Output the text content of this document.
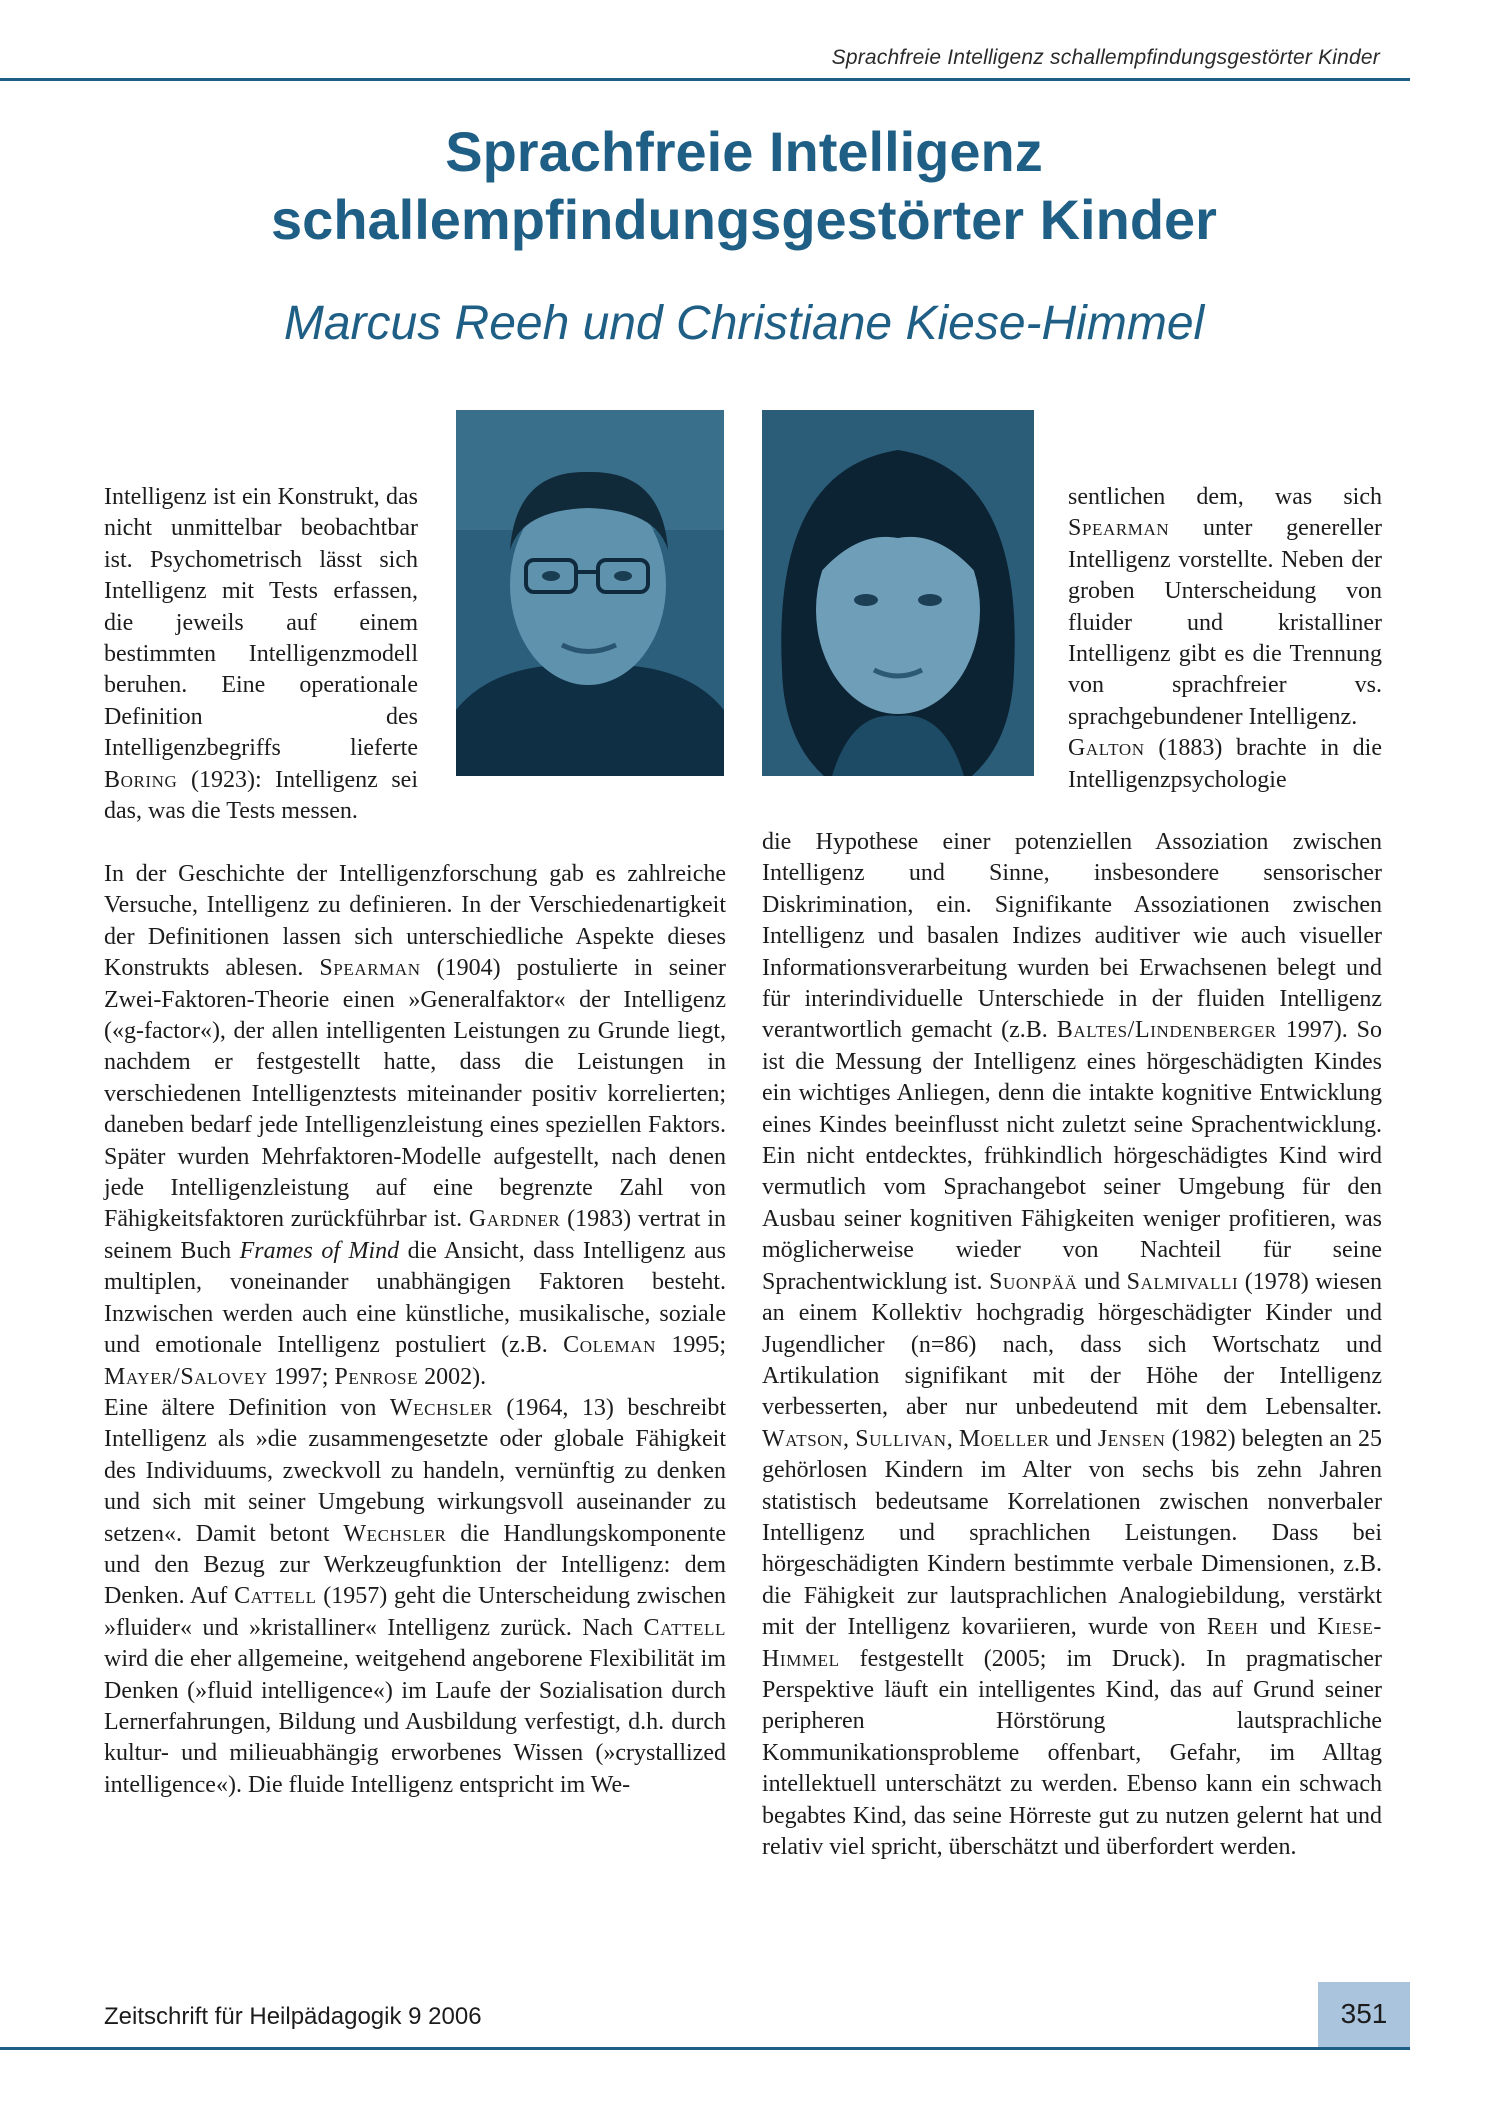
Sprachfreie Intelligenz schallempfindungsgestörter Kinder
Sprachfreie Intelligenz
schallempfindungsgestörter Kinder
Marcus Reeh und Christiane Kiese-Himmel

Intelligenz ist ein Konstrukt, das nicht unmittelbar beobachtbar ist. Psychometrisch lässt sich Intelligenz mit Tests erfassen, die jeweils auf einem bestimmten Intelligenzmodell beruhen. Eine operationale Definition des Intelligenzbegriffs lieferte Boring (1923): Intelligenz sei das, was die Tests messen.

In der Geschichte der Intelligenzforschung gab es zahlreiche Versuche, Intelligenz zu definieren. In der Verschiedenartigkeit der Definitionen lassen sich unterschiedliche Aspekte dieses Konstrukts ablesen. Spearman (1904) postulierte in seiner Zwei-Faktoren-Theorie einen »Generalfaktor« der Intelligenz («g-factor«), der allen intelligenten Leistungen zu Grunde liegt, nachdem er festgestellt hatte, dass die Leistungen in verschiedenen Intelligenztests miteinander positiv korrelierten; daneben bedarf jede Intelligenzleistung eines speziellen Faktors. Später wurden Mehrfaktoren-Modelle aufgestellt, nach denen jede Intelligenzleistung auf eine begrenzte Zahl von Fähigkeitsfaktoren zurückführbar ist. Gardner (1983) vertrat in seinem Buch Frames of Mind die Ansicht, dass Intelligenz aus multiplen, voneinander unabhängigen Faktoren besteht. Inzwischen werden auch eine künstliche, musikalische, soziale und emotionale Intelligenz postuliert (z.B. Coleman 1995; Mayer/Salovey 1997; Penrose 2002).

Eine ältere Definition von Wechsler (1964, 13) beschreibt Intelligenz als »die zusammengesetzte oder globale Fähigkeit des Individuums, zweckvoll zu handeln, vernünftig zu denken und sich mit seiner Umgebung wirkungsvoll auseinander zu setzen«. Damit betont Wechsler die Handlungskomponente und den Bezug zur Werkzeugfunktion der Intelligenz: dem Denken. Auf Cattell (1957) geht die Unterscheidung zwischen »fluider« und »kristalliner« Intelligenz zurück. Nach Cattell wird die eher allgemeine, weitgehend angeborene Flexibilität im Denken (»fluid intelligence«) im Laufe der Sozialisation durch Lernerfahrungen, Bildung und Ausbildung verfestigt, d.h. durch kultur- und milieuabhängig erworbenes Wissen (»crystallized intelligence«). Die fluide Intelligenz entspricht im We-

sentlichen dem, was sich Spearman unter genereller Intelligenz vorstellte. Neben der groben Unterscheidung von fluider und kristalliner Intelligenz gibt es die Trennung von sprachfreier vs. sprachgebundener Intelligenz.

Galton (1883) brachte in die Intelligenzpsychologie

die Hypothese einer potenziellen Assoziation zwischen Intelligenz und Sinne, insbesondere sensorischer Diskrimination, ein. Signifikante Assoziationen zwischen Intelligenz und basalen Indizes auditiver wie auch visueller Informationsverarbeitung wurden bei Erwachsenen belegt und für interindividuelle Unterschiede in der fluiden Intelligenz verantwortlich gemacht (z.B. Baltes/Lindenberger 1997). So ist die Messung der Intelligenz eines hörgeschädigten Kindes ein wichtiges Anliegen, denn die intakte kognitive Entwicklung eines Kindes beeinflusst nicht zuletzt seine Sprachentwicklung. Ein nicht entdecktes, frühkindlich hörgeschädigtes Kind wird vermutlich vom Sprachangebot seiner Umgebung für den Ausbau seiner kognitiven Fähigkeiten weniger profitieren, was möglicherweise wieder von Nachteil für seine Sprachentwicklung ist. Suonpää und Salmivalli (1978) wiesen an einem Kollektiv hochgradig hörgeschädigter Kinder und Jugendlicher (n=86) nach, dass sich Wortschatz und Artikulation signifikant mit der Höhe der Intelligenz verbesserten, aber nur unbedeutend mit dem Lebensalter. Watson, Sullivan, Moeller und Jensen (1982) belegten an 25 gehörlosen Kindern im Alter von sechs bis zehn Jahren statistisch bedeutsame Korrelationen zwischen nonverbaler Intelligenz und sprachlichen Leistungen. Dass bei hörgeschädigten Kindern bestimmte verbale Dimensionen, z.B. die Fähigkeit zur lautsprachlichen Analogiebildung, verstärkt mit der Intelligenz kovariieren, wurde von Reeh und Kiese-Himmel festgestellt (2005; im Druck). In pragmatischer Perspektive läuft ein intelligentes Kind, das auf Grund seiner peripheren Hörstörung lautsprachliche Kommunikationsprobleme offenbart, Gefahr, im Alltag intellektuell unterschätzt zu werden. Ebenso kann ein schwach begabtes Kind, das seine Hörreste gut zu nutzen gelernt hat und relativ viel spricht, überschätzt und überfordert werden.

Zeitschrift für Heilpädagogik 9 2006	351
